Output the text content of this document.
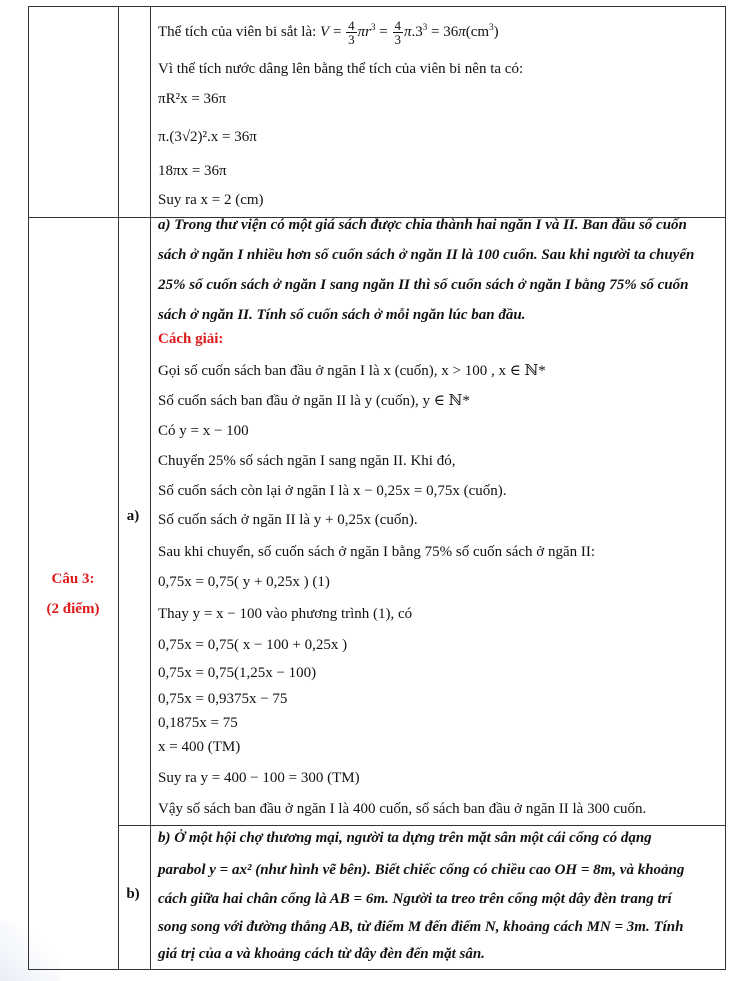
Thể tích của viên bi sắt là: $V = \frac{4}{3} \pi r^3 = \frac{4}{3} \pi.3^3 = 36\pi(cm^3)$
Vì thể tích nước dâng lên bằng thể tích của viên bi nên ta có:
πR²x = 36π
π.(3√2)².x = 36π
18πx = 36π
Suy ra x = 2 (cm)
Câu 3:
(2 điểm)
a)
b)
a) Trong thư viện có một giá sách được chia thành hai ngăn I và II. Ban đầu số cuốn
sách ở ngăn I nhiều hơn số cuốn sách ở ngăn II là 100 cuốn. Sau khi người ta chuyển
25% số cuốn sách ở ngăn I sang ngăn II thì số cuốn sách ở ngăn I bằng 75% số cuốn
sách ở ngăn II. Tính số cuốn sách ở mỗi ngăn lúc ban đầu.
Cách giải:
Gọi số cuốn sách ban đầu ở ngăn I là x (cuốn), x > 100 , x ∈ ℕ*
Số cuốn sách ban đầu ở ngăn II là y (cuốn), y ∈ ℕ*
Có y = x − 100
Chuyển 25% số sách ngăn I sang ngăn II. Khi đó,
Số cuốn sách còn lại ở ngăn I là x − 0,25x = 0,75x (cuốn).
Số cuốn sách ở ngăn II là y + 0,25x (cuốn).
Sau khi chuyển, số cuốn sách ở ngăn I bằng 75% số cuốn sách ở ngăn II:
0,75x = 0,75( y + 0,25x ) (1)
Thay y = x − 100 vào phương trình (1), có
0,75x = 0,75( x − 100 + 0,25x )
0,75x = 0,75(1,25x − 100)
0,75x = 0,9375x − 75
0,1875x = 75
x = 400 (TM)
Suy ra y = 400 − 100 = 300 (TM)
Vậy số sách ban đầu ở ngăn I là 400 cuốn, số sách ban đầu ở ngăn II là 300 cuốn.
b) Ở một hội chợ thương mại, người ta dựng trên mặt sân một cái cổng có dạng
parabol y = ax² (như hình vẽ bên). Biết chiếc cổng có chiều cao OH = 8m, và khoảng
cách giữa hai chân cổng là AB = 6m. Người ta treo trên cổng một dây đèn trang trí
song song với đường thẳng AB, từ điểm M đến điểm N, khoảng cách MN = 3m. Tính
giá trị của a và khoảng cách từ dây đèn đến mặt sân.
